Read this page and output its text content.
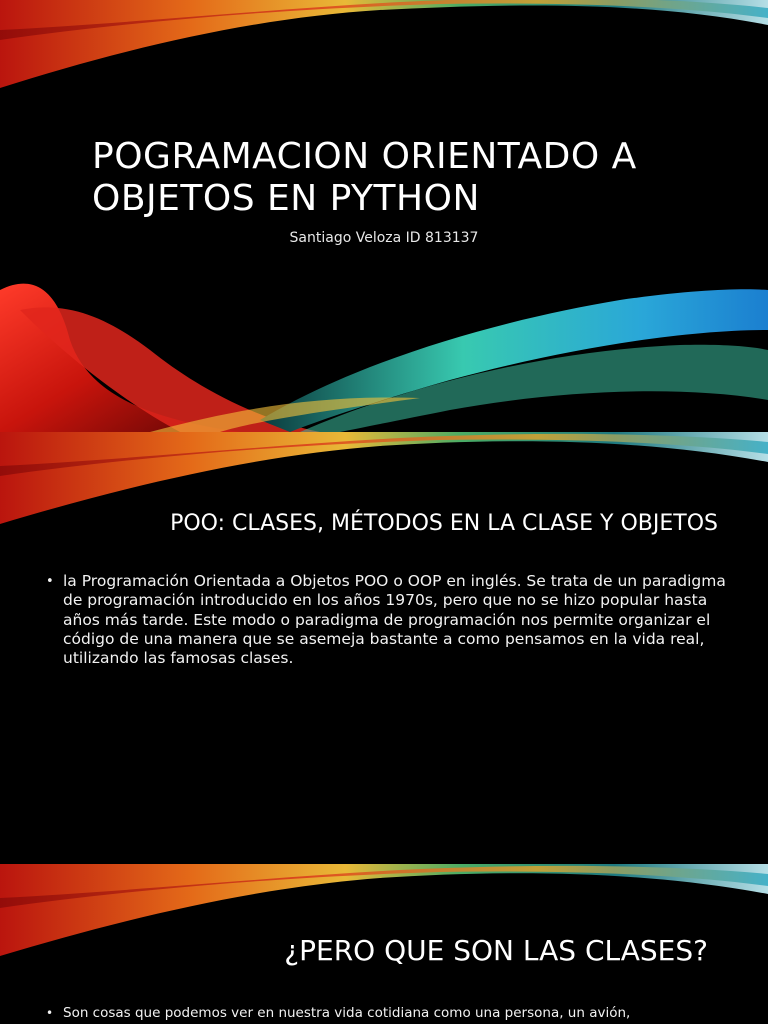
POGRAMACION ORIENTADO A OBJETOS EN PYTHON

Santiago Veloza ID 813137

POO: CLASES, MÉTODOS EN LA CLASE Y OBJETOS
• la Programación Orientada a Objetos POO o OOP en inglés. Se trata de un paradigma de programación introducido en los años 1970s, pero que no se hizo popular hasta años más tarde. Este modo o paradigma de programación nos permite organizar el código de una manera que se asemeja bastante a como pensamos en la vida real, utilizando las famosas clases.
¿PERO QUE SON LAS CLASES?
• Son cosas que podemos ver en nuestra vida cotidiana como una persona, un avión,
